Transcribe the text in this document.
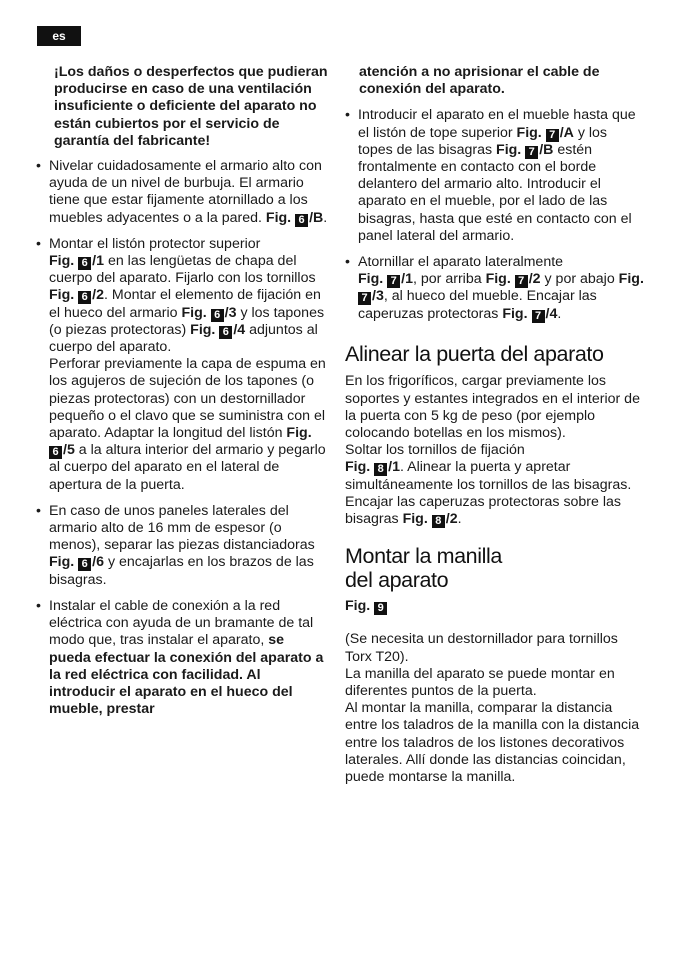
es

¡Los daños o desperfectos que pudieran producirse en caso de una ventilación insuficiente o deficiente del aparato no están cubiertos por el servicio de garantía del fabricante!

• Nivelar cuidadosamente el armario alto con ayuda de un nivel de burbuja. El armario tiene que estar fijamente atornillado a los muebles adyacentes o a la pared. Fig. 6 /B.

• Montar el listón protector superior
Fig. 6 /1 en las lengüetas de chapa del cuerpo del aparato. Fijarlo con los tornillos Fig. 6 /2. Montar el elemento de fijación en el hueco del armario Fig. 6 /3 y los tapones (o piezas protectoras) Fig. 6 /4 adjuntos al cuerpo del aparato.
Perforar previamente la capa de espuma en los agujeros de sujeción de los tapones (o piezas protectoras) con un destornillador pequeño o el clavo que se suministra con el aparato. Adaptar la longitud del listón Fig. 6 /5 a la altura interior del armario y pegarlo al cuerpo del aparato en el lateral de apertura de la puerta.

• En caso de unos paneles laterales del armario alto de 16 mm de espesor (o menos), separar las piezas distanciadoras Fig. 6 /6 y encajarlas en los brazos de las bisagras.

• Instalar el cable de conexión a la red eléctrica con ayuda de un bramante de tal modo que, tras instalar el aparato, se pueda efectuar la conexión del aparato a la red eléctrica con facilidad. Al introducir el aparato en el hueco del mueble, prestar

atención a no aprisionar el cable de conexión del aparato.

• Introducir el aparato en el mueble hasta que el listón de tope superior Fig. 7 /A y los topes de las bisagras Fig. 7 /B estén frontalmente en contacto con el borde delantero del armario alto. Introducir el aparato en el mueble, por el lado de las bisagras, hasta que esté en contacto con el panel lateral del armario.

• Atornillar el aparato lateralmente
Fig. 7 /1, por arriba Fig. 7 /2 y por abajo Fig. 7 /3, al hueco del mueble. Encajar las caperuzas protectoras Fig. 7 /4.

Alinear la puerta del aparato

En los frigoríficos, cargar previamente los soportes y estantes integrados en el interior de la puerta con 5 kg de peso (por ejemplo colocando botellas en los mismos).
Soltar los tornillos de fijación
Fig. 8 /1. Alinear la puerta y apretar simultáneamente los tornillos de las bisagras. Encajar las caperuzas protectoras sobre las bisagras Fig. 8 /2.

Montar la manilla
del aparato

Fig. 9

(Se necesita un destornillador para tornillos Torx T20).
La manilla del aparato se puede montar en diferentes puntos de la puerta.
Al montar la manilla, comparar la distancia entre los taladros de la manilla con la distancia entre los taladros de los listones decorativos laterales. Allí donde las distancias coincidan, puede montarse la manilla.
